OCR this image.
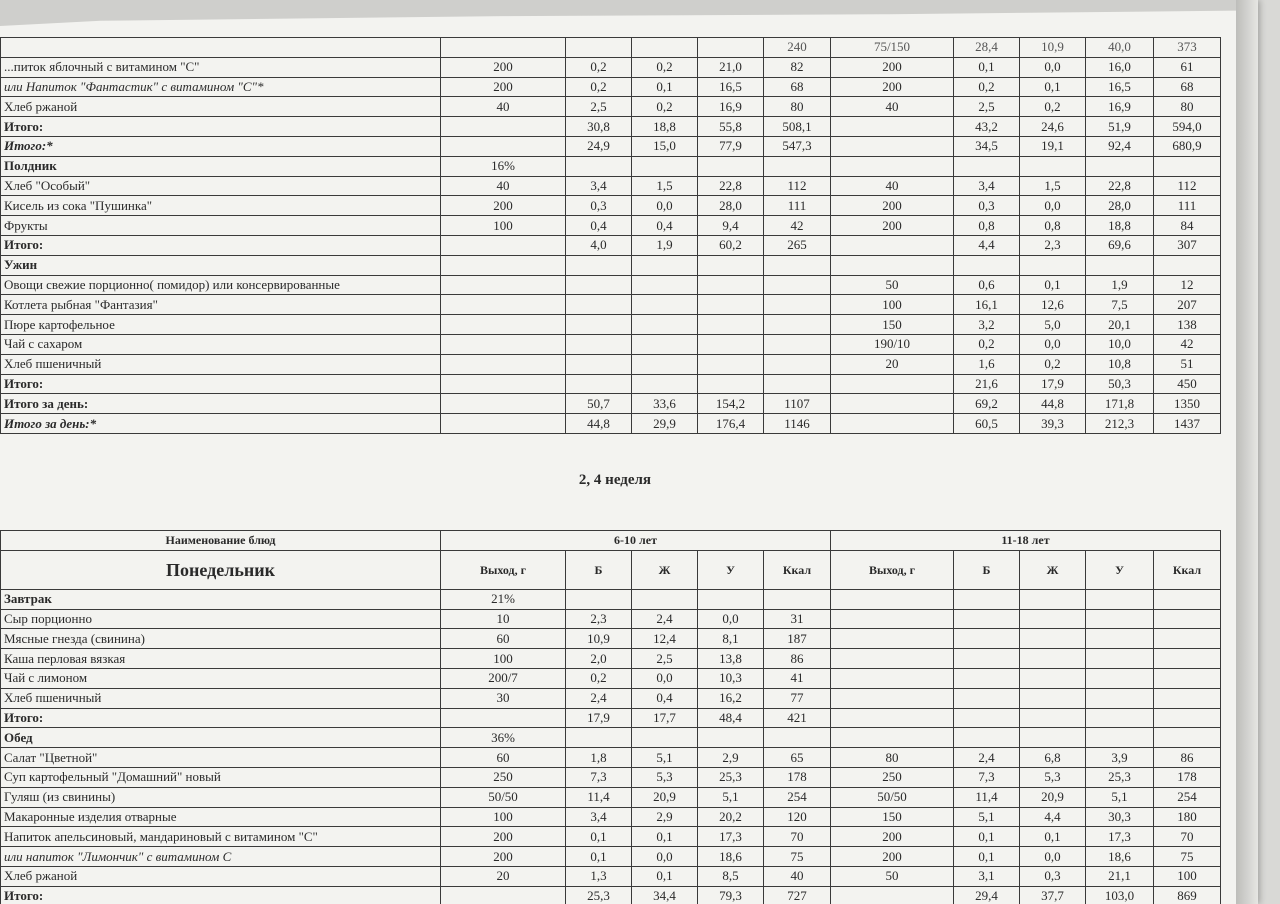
					240	75/150	28,4	10,9	40,0	373
...питок яблочный с витамином "С"	200	0,2	0,2	21,0	82	200	0,1	0,0	16,0	61
или Напиток "Фантастик" с витамином "С"*	200	0,2	0,1	16,5	68	200	0,2	0,1	16,5	68
Хлеб ржаной	40	2,5	0,2	16,9	80	40	2,5	0,2	16,9	80
Итого:		30,8	18,8	55,8	508,1		43,2	24,6	51,9	594,0
Итого:*		24,9	15,0	77,9	547,3		34,5	19,1	92,4	680,9
Полдник	16%									
Хлеб "Особый"	40	3,4	1,5	22,8	112	40	3,4	1,5	22,8	112
Кисель из сока "Пушинка"	200	0,3	0,0	28,0	111	200	0,3	0,0	28,0	111
Фрукты	100	0,4	0,4	9,4	42	200	0,8	0,8	18,8	84
Итого:		4,0	1,9	60,2	265		4,4	2,3	69,6	307
Ужин										
Овощи свежие порционно( помидор) или консервированные						50	0,6	0,1	1,9	12
Котлета рыбная "Фантазия"						100	16,1	12,6	7,5	207
Пюре картофельное						150	3,2	5,0	20,1	138
Чай с сахаром						190/10	0,2	0,0	10,0	42
Хлеб пшеничный						20	1,6	0,2	10,8	51
Итого:							21,6	17,9	50,3	450
Итого за день:		50,7	33,6	154,2	1107		69,2	44,8	171,8	1350
Итого за день:*		44,8	29,9	176,4	1146		60,5	39,3	212,3	1437
2, 4 неделя
Наименование блюд	6-10 лет					11-18 лет				
Понедельник	Выход, г	Б	Ж	У	Ккал	Выход, г	Б	Ж	У	Ккал
Завтрак	21%									
Сыр порционно	10	2,3	2,4	0,0	31					
Мясные гнезда (свинина)	60	10,9	12,4	8,1	187					
Каша перловая вязкая	100	2,0	2,5	13,8	86					
Чай с лимоном	200/7	0,2	0,0	10,3	41					
Хлеб пшеничный	30	2,4	0,4	16,2	77					
Итого:		17,9	17,7	48,4	421					
Обед	36%									
Салат "Цветной"	60	1,8	5,1	2,9	65	80	2,4	6,8	3,9	86
Суп картофельный "Домашний" новый	250	7,3	5,3	25,3	178	250	7,3	5,3	25,3	178
Гуляш (из свинины)	50/50	11,4	20,9	5,1	254	50/50	11,4	20,9	5,1	254
Макаронные изделия отварные	100	3,4	2,9	20,2	120	150	5,1	4,4	30,3	180
Напиток апельсиновый, мандариновый с витамином "С"	200	0,1	0,1	17,3	70	200	0,1	0,1	17,3	70
или напиток "Лимончик" с витамином С	200	0,1	0,0	18,6	75	200	0,1	0,0	18,6	75
Хлеб ржаной	20	1,3	0,1	8,5	40	50	3,1	0,3	21,1	100
Итого:		25,3	34,4	79,3	727		29,4	37,7	103,0	869
